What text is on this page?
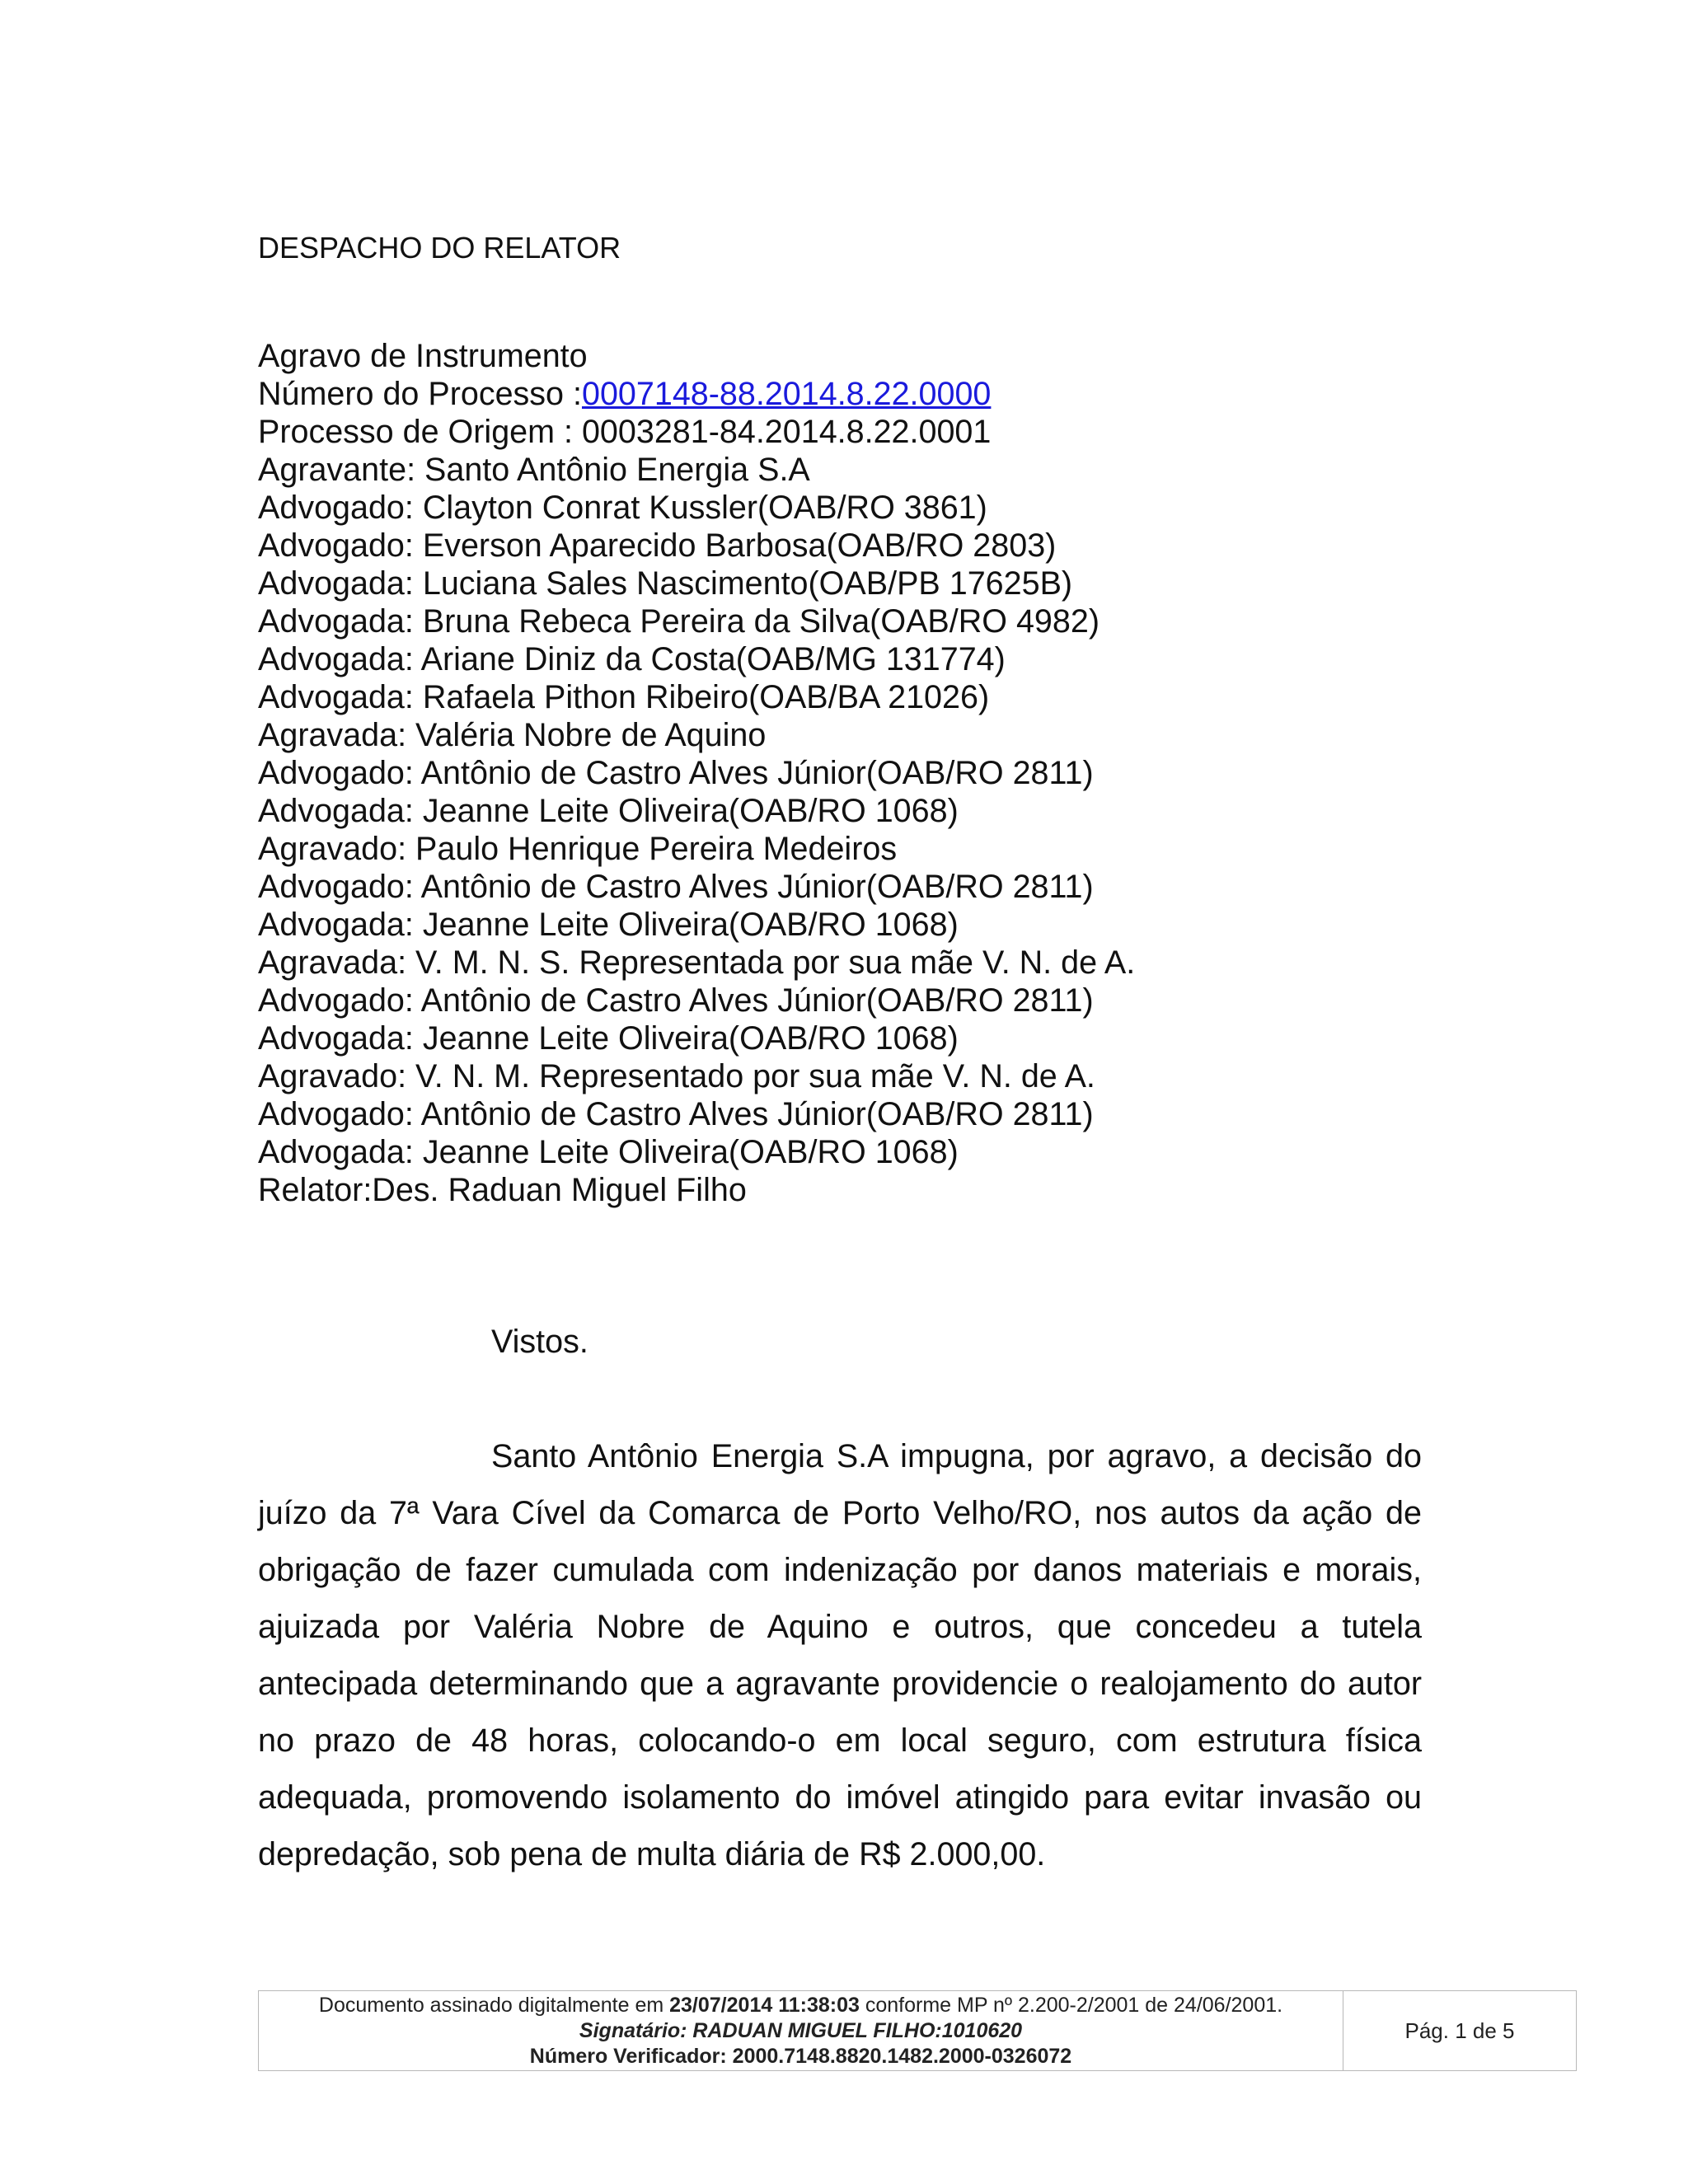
DESPACHO DO RELATOR
Agravo de Instrumento
Número do Processo :0007148-88.2014.8.22.0000
Processo de Origem : 0003281-84.2014.8.22.0001
Agravante: Santo Antônio Energia S.A
Advogado: Clayton Conrat Kussler(OAB/RO 3861)
Advogado: Everson Aparecido Barbosa(OAB/RO 2803)
Advogada: Luciana Sales Nascimento(OAB/PB 17625B)
Advogada: Bruna Rebeca Pereira da Silva(OAB/RO 4982)
Advogada: Ariane Diniz da Costa(OAB/MG 131774)
Advogada: Rafaela Pithon Ribeiro(OAB/BA 21026)
Agravada: Valéria Nobre de Aquino
Advogado: Antônio de Castro Alves Júnior(OAB/RO 2811)
Advogada: Jeanne Leite Oliveira(OAB/RO 1068)
Agravado: Paulo Henrique Pereira Medeiros
Advogado: Antônio de Castro Alves Júnior(OAB/RO 2811)
Advogada: Jeanne Leite Oliveira(OAB/RO 1068)
Agravada: V. M. N. S. Representada por sua mãe V. N. de A.
Advogado: Antônio de Castro Alves Júnior(OAB/RO 2811)
Advogada: Jeanne Leite Oliveira(OAB/RO 1068)
Agravado: V. N. M. Representado por sua mãe V. N. de A.
Advogado: Antônio de Castro Alves Júnior(OAB/RO 2811)
Advogada: Jeanne Leite Oliveira(OAB/RO 1068)
Relator:Des. Raduan Miguel Filho

Vistos.

Santo Antônio Energia S.A impugna, por agravo, a decisão do juízo da 7ª Vara Cível da Comarca de Porto Velho/RO, nos autos da ação de obrigação de fazer cumulada com indenização por danos materiais e morais, ajuizada por Valéria Nobre de Aquino e outros, que concedeu a tutela antecipada determinando que a agravante providencie o realojamento do autor no prazo de 48 horas, colocando-o em local seguro, com estrutura física adequada, promovendo isolamento do imóvel atingido para evitar invasão ou depredação, sob pena de multa diária de R$ 2.000,00.

Documento assinado digitalmente em 23/07/2014 11:38:03 conforme MP nº 2.200-2/2001 de 24/06/2001.
Signatário: RADUAN MIGUEL FILHO:1010620
Número Verificador: 2000.7148.8820.1482.2000-0326072
Pág. 1 de 5
